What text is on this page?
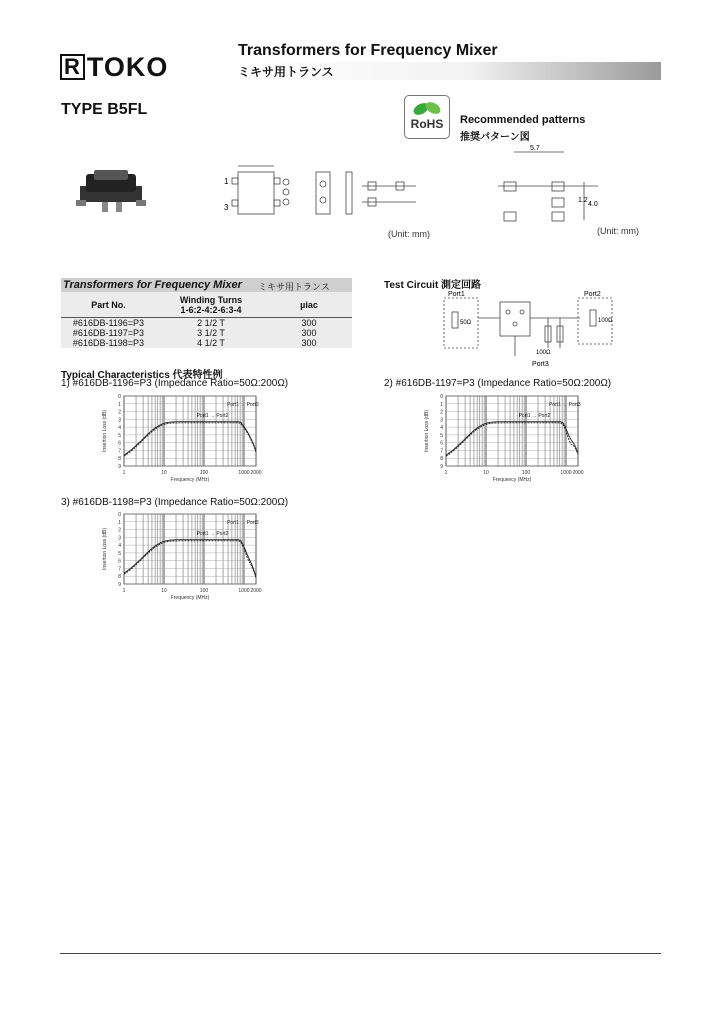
R TOKO
Transformers for Frequency Mixer
ミキサ用トランス
TYPE B5FL
1
3
(Unit: mm)
RoHS	Recommended patterns
推奨パターン図
5.7
1.2
4.0
(Unit: mm)
Transformers for Frequency Mixer ミキサ用トランス
Part No.	Winding Turns
1-6:2-4:2-6:3-4	µiac
#616DB-1196=P3	2 1/2 T	300
#616DB-1197=P3	3 1/2 T	300
#616DB-1198=P3	4 1/2 T	300
Test Circuit 測定回路
Port1	Port2
Port3
50Ω
100Ω
100Ω
Typical Characteristics 代表特性例
1) #616DB-1196=P3 (Impedance Ratio=50Ω:200Ω)	2) #616DB-1197=P3 (Impedance Ratio=50Ω:200Ω)
3) #616DB-1198=P3 (Impedance Ratio=50Ω:200Ω)
0
1
2
3
4
5
6
7
8
9
1	10	100	1000 2000
Frequency (MHz)
Insertion Loss (dB)	Port1 → Port2
Port1 → Port3
0
1
2
3
4
5
6
7
8
9
1	10	100	1000 2000
Frequency (MHz)
Insertion Loss (dB)	Port1 → Port2
Port1 → Port3
0
1
2
3
4
5
6
7
8
9
1	10	100	1000 2000
Frequency (MHz)
Insertion Loss (dB)	Port1 → Port2
Port1 → Port3
